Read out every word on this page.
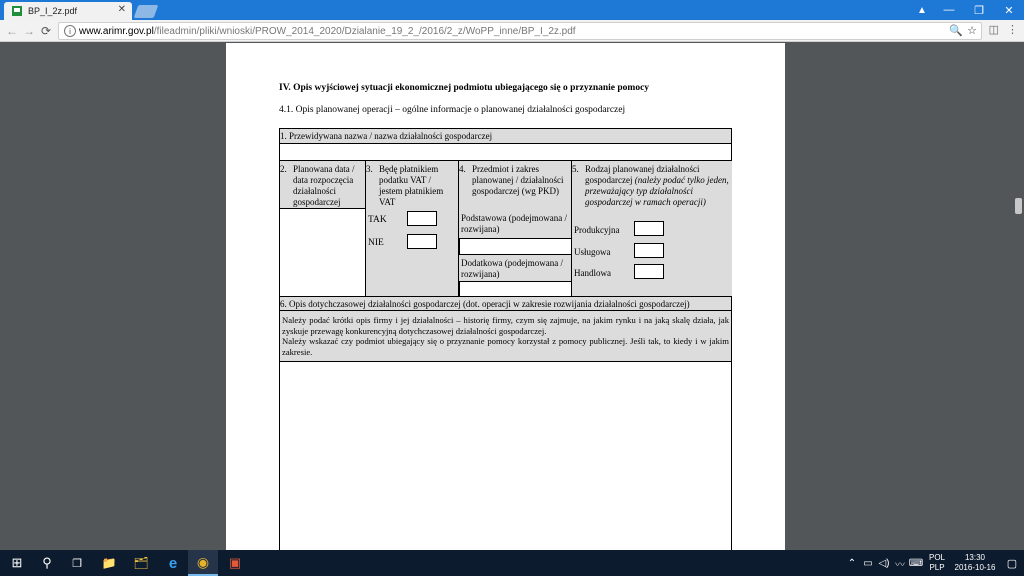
BP_I_2z.pdf	✕	▲	—	❐	✕
← → ⟳	i www.arimr.gov.pl /fileadmin/pliki/wnioski/PROW_2014_2020/Dzialanie_19_2_/2016/2_z/WoPP_inne/BP_I_2z.pdf	🔍 ☆ ◫ ⋮
IV. Opis wyjściowej sytuacji ekonomicznej podmiotu ubiegającego się o przyznanie pomocy
4.1. Opis planowanej operacji – ogólne informacje o planowanej działalności gospodarczej
1. Przewidywana nazwa / nazwa działalności gospodarczej
2. Planowana data / data rozpoczęcia działalności gospodarczej
3. Będę płatnikiem podatku VAT / jestem płatnikiem VAT
TAK
NIE
4. Przedmiot i zakres planowanej / działalności gospodarczej (wg PKD)
Podstawowa (podejmowana / rozwijana)
Dodatkowa (podejmowana / rozwijana)
5. Rodzaj planowanej działalności gospodarczej (należy podać tylko jeden, przeważający typ działalności gospodarczej w ramach operacji)
Produkcyjna
Usługowa
Handlowa
6. Opis dotychczasowej działalności gospodarczej (dot. operacji w zakresie rozwijania działalności gospodarczej)
Należy podać krótki opis firmy i jej działalności – historię firmy, czym się zajmuje, na jakim rynku i na jaką skalę działa, jak zyskuje przewagę konkurencyjną dotychczasowej działalności gospodarczej.
Należy wskazać czy podmiot ubiegający się o przyznanie pomocy korzystał z pomocy publicznej. Jeśli tak, to kiedy i w jakim zakresie.
⊞	⚲	❐	📁	🗂	e	◉	▣	⌃ ▭ ◁) 〰 ⌨ POL
PLP
13:30
2016-10-16	▢
